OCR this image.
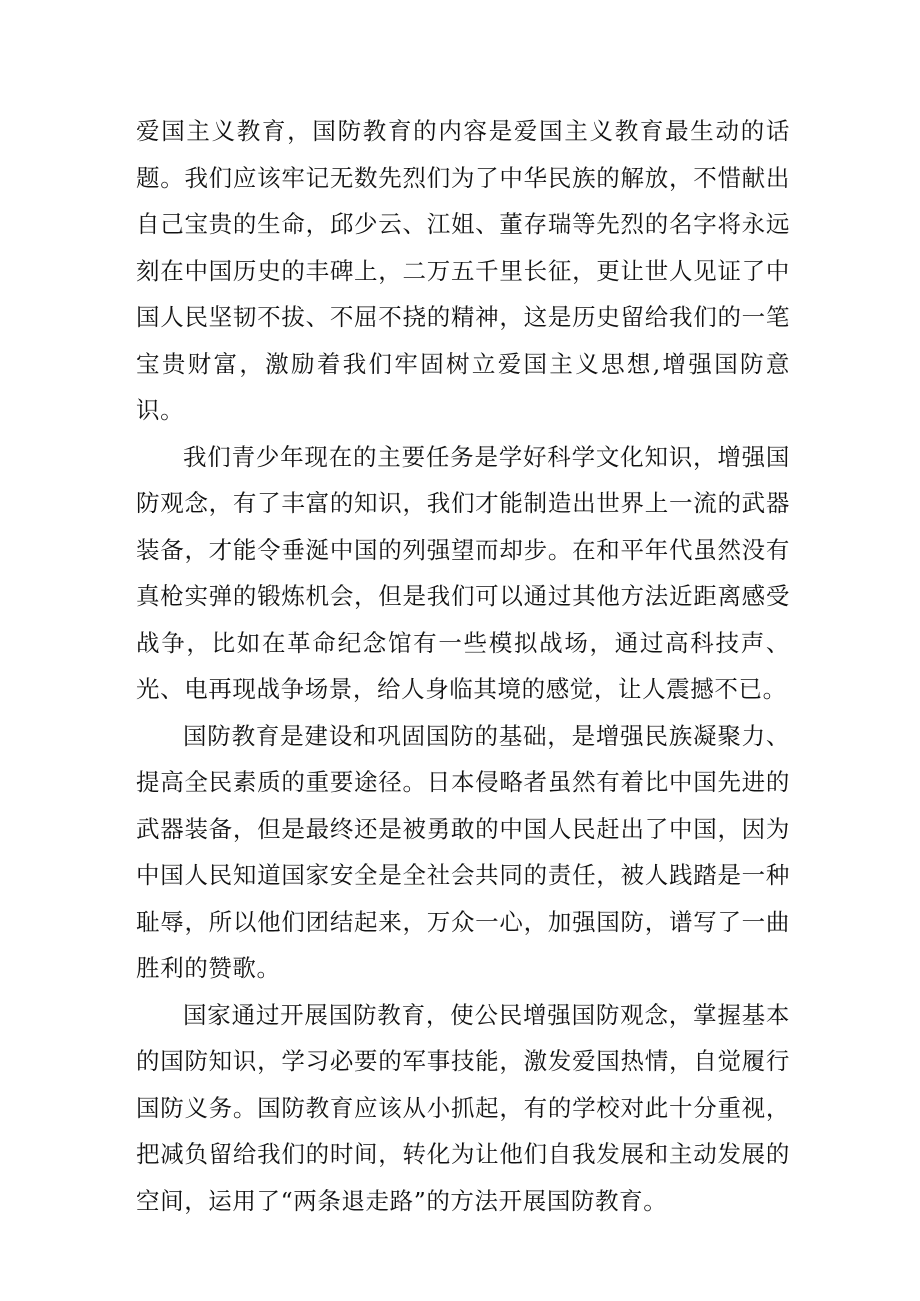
爱国主义教育，国防教育的内容是爱国主义教育最生动的话题。我们应该牢记无数先烈们为了中华民族的解放，不惜献出自己宝贵的生命，邱少云、江姐、董存瑞等先烈的名字将永远刻在中国历史的丰碑上，二万五千里长征，更让世人见证了中国人民坚韧不拔、不屈不挠的精神，这是历史留给我们的一笔宝贵财富，激励着我们牢固树立爱国主义思想,增强国防意识。

我们青少年现在的主要任务是学好科学文化知识，增强国防观念，有了丰富的知识，我们才能制造出世界上一流的武器装备，才能令垂涎中国的列强望而却步。在和平年代虽然没有真枪实弹的锻炼机会，但是我们可以通过其他方法近距离感受战争，比如在革命纪念馆有一些模拟战场，通过高科技声、光、电再现战争场景，给人身临其境的感觉，让人震撼不已。

国防教育是建设和巩固国防的基础，是增强民族凝聚力、提高全民素质的重要途径。日本侵略者虽然有着比中国先进的武器装备，但是最终还是被勇敢的中国人民赶出了中国，因为中国人民知道国家安全是全社会共同的责任，被人践踏是一种耻辱，所以他们团结起来，万众一心，加强国防，谱写了一曲胜利的赞歌。

国家通过开展国防教育，使公民增强国防观念，掌握基本的国防知识，学习必要的军事技能，激发爱国热情，自觉履行国防义务。国防教育应该从小抓起，有的学校对此十分重视，把减负留给我们的时间，转化为让他们自我发展和主动发展的空间，运用了“两条退走路”的方法开展国防教育。
